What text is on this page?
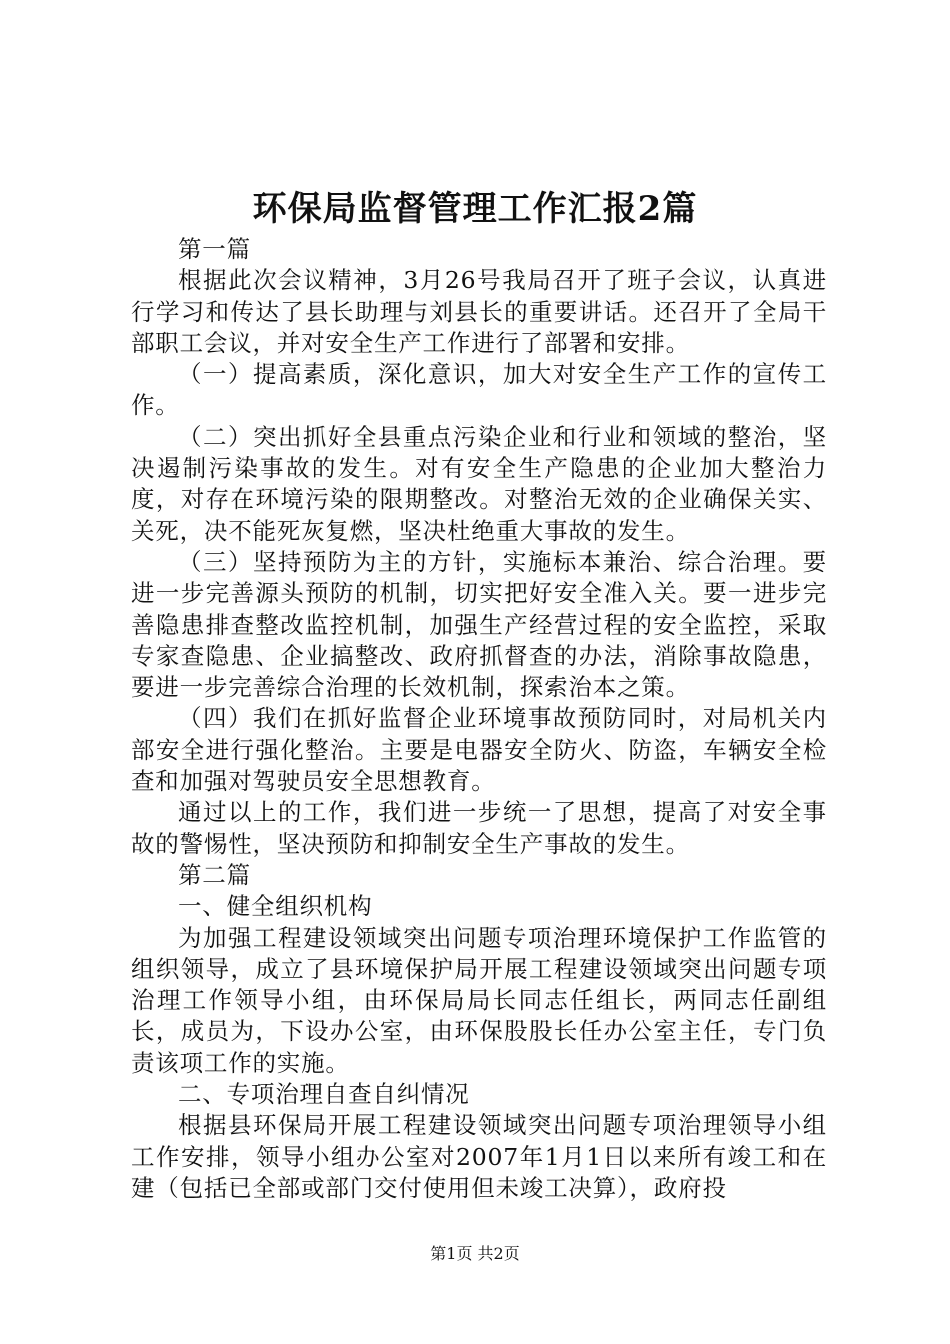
环保局监督管理工作汇报2篇

第一篇

根据此次会议精神，3月26号我局召开了班子会议，认真进行学习和传达了县长助理与刘县长的重要讲话。还召开了全局干部职工会议，并对安全生产工作进行了部署和安排。

（一）提高素质，深化意识，加大对安全生产工作的宣传工作。

（二）突出抓好全县重点污染企业和行业和领域的整治，坚决遏制污染事故的发生。对有安全生产隐患的企业加大整治力度，对存在环境污染的限期整改。对整治无效的企业确保关实、关死，决不能死灰复燃，坚决杜绝重大事故的发生。

（三）坚持预防为主的方针，实施标本兼治、综合治理。要进一步完善源头预防的机制，切实把好安全准入关。要一进步完善隐患排查整改监控机制，加强生产经营过程的安全监控，采取专家查隐患、企业搞整改、政府抓督查的办法，消除事故隐患，要进一步完善综合治理的长效机制，探索治本之策。

（四）我们在抓好监督企业环境事故预防同时，对局机关内部安全进行强化整治。主要是电器安全防火、防盗，车辆安全检查和加强对驾驶员安全思想教育。

通过以上的工作，我们进一步统一了思想，提高了对安全事故的警惕性，坚决预防和抑制安全生产事故的发生。

第二篇

一、健全组织机构

为加强工程建设领域突出问题专项治理环境保护工作监管的组织领导，成立了县环境保护局开展工程建设领域突出问题专项治理工作领导小组，由环保局局长同志任组长，两同志任副组长，成员为，下设办公室，由环保股股长任办公室主任，专门负责该项工作的实施。

二、专项治理自查自纠情况

根据县环保局开展工程建设领域突出问题专项治理领导小组工作安排，领导小组办公室对2007年1月1日以来所有竣工和在建（包括已全部或部门交付使用但未竣工决算），政府投

第1页 共2页
